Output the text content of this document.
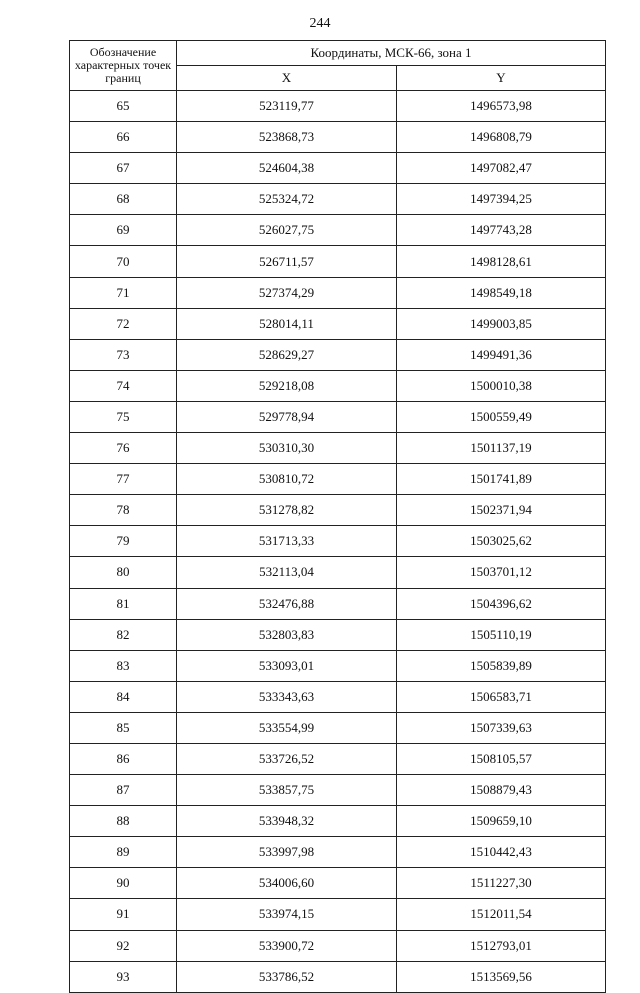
244
Обозначение характерных точек границ	Координаты, МСК-66, зона 1	
	X	Y
65	523119,77	1496573,98
66	523868,73	1496808,79
67	524604,38	1497082,47
68	525324,72	1497394,25
69	526027,75	1497743,28
70	526711,57	1498128,61
71	527374,29	1498549,18
72	528014,11	1499003,85
73	528629,27	1499491,36
74	529218,08	1500010,38
75	529778,94	1500559,49
76	530310,30	1501137,19
77	530810,72	1501741,89
78	531278,82	1502371,94
79	531713,33	1503025,62
80	532113,04	1503701,12
81	532476,88	1504396,62
82	532803,83	1505110,19
83	533093,01	1505839,89
84	533343,63	1506583,71
85	533554,99	1507339,63
86	533726,52	1508105,57
87	533857,75	1508879,43
88	533948,32	1509659,10
89	533997,98	1510442,43
90	534006,60	1511227,30
91	533974,15	1512011,54
92	533900,72	1512793,01
93	533786,52	1513569,56
